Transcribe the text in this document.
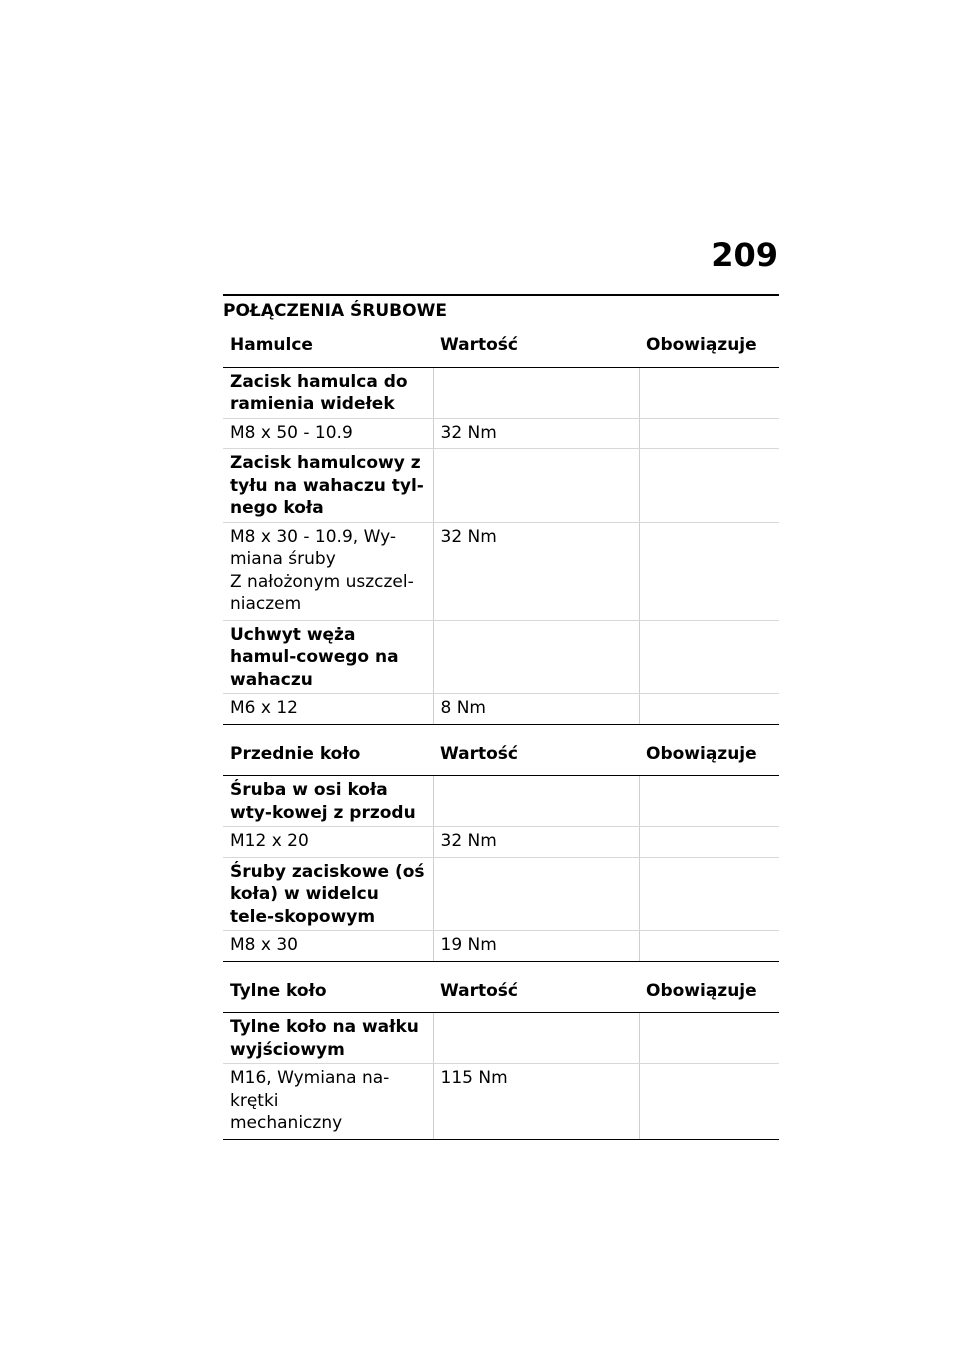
209
POŁĄCZENIA ŚRUBOWE
Hamulce	Wartość	Obowiązuje
Zacisk hamulca do ramienia widełek		
M8 x 50 - 10.9	32 Nm	
Zacisk hamulcowy z tyłu na wahaczu tyl-nego koła		

M8 x 30 - 10.9, Wy-miana śruby
Z nałożonym uszczel-niaczem	32 Nm	
Uchwyt węża hamul-cowego na wahaczu		
M6 x 12	8 Nm	
Przednie koło	Wartość	Obowiązuje
Śruba w osi koła wty-kowej z przodu		
M12 x 20	32 Nm	
Śruby zaciskowe (oś koła) w widelcu tele-skopowym		
M8 x 30	19 Nm	
Tylne koło	Wartość	Obowiązuje
Tylne koło na wałku wyjściowym		

M16, Wymiana na-krętki
mechaniczny	115 Nm	
